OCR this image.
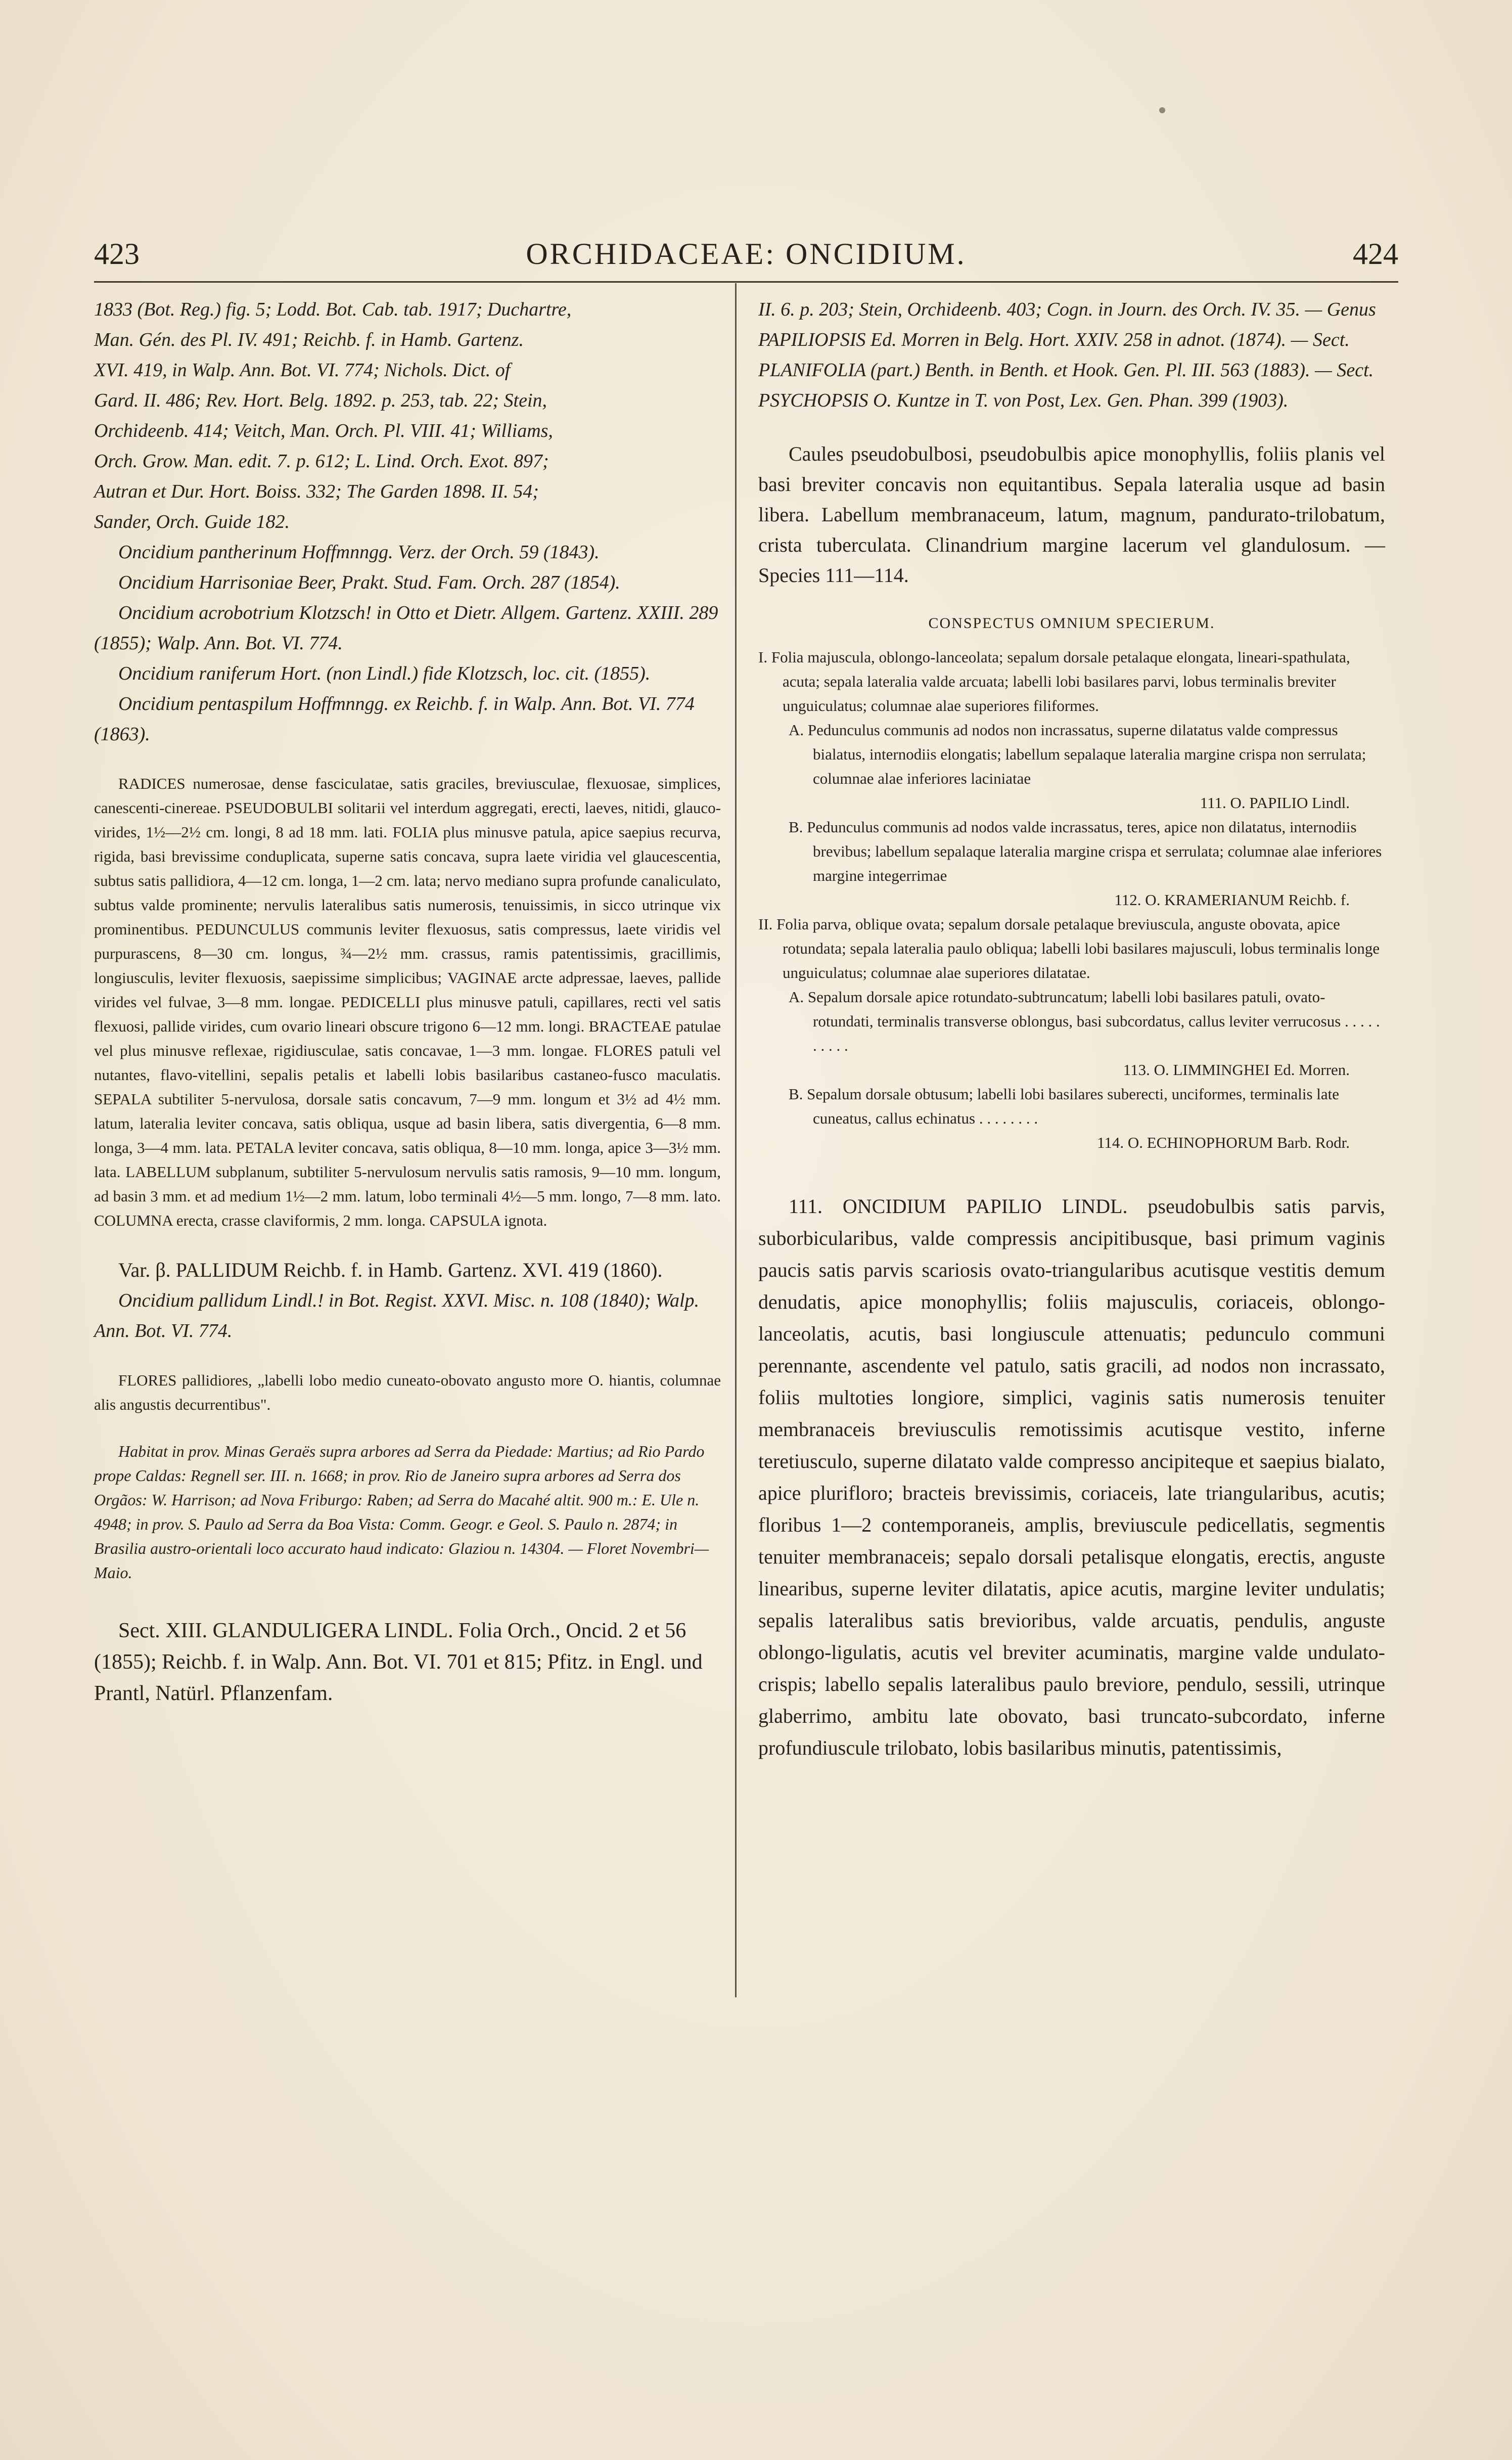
423	ORCHIDACEAE: ONCIDIUM.	424

1833 (Bot. Reg.) fig. 5; Lodd. Bot. Cab. tab. 1917; Duchartre,

Man. Gén. des Pl. IV. 491; Reichb. f. in Hamb. Gartenz.

XVI. 419, in Walp. Ann. Bot. VI. 774; Nichols. Dict. of

Gard. II. 486; Rev. Hort. Belg. 1892. p. 253, tab. 22; Stein,

Orchideenb. 414; Veitch, Man. Orch. Pl. VIII. 41; Williams,

Orch. Grow. Man. edit. 7. p. 612; L. Lind. Orch. Exot. 897;

Autran et Dur. Hort. Boiss. 332; The Garden 1898. II. 54;

Sander, Orch. Guide 182.

Oncidium pantherinum Hoffmnngg. Verz. der Orch. 59 (1843).

Oncidium Harrisoniae Beer, Prakt. Stud. Fam. Orch. 287 (1854).

Oncidium acrobotrium Klotzsch! in Otto et Dietr. Allgem. Gartenz. XXIII. 289 (1855); Walp. Ann. Bot. VI. 774.

Oncidium raniferum Hort. (non Lindl.) fide Klotzsch, loc. cit. (1855).

Oncidium pentaspilum Hoffmnngg. ex Reichb. f. in Walp. Ann. Bot. VI. 774 (1863).

RADICES numerosae, dense fasciculatae, satis graciles, breviusculae, flexuosae, simplices, canescenti-cinereae. PSEUDOBULBI solitarii vel interdum aggregati, erecti, laeves, nitidi, glauco-virides, 1½—2½ cm. longi, 8 ad 18 mm. lati. FOLIA plus minusve patula, apice saepius recurva, rigida, basi brevissime conduplicata, superne satis concava, supra laete viridia vel glaucescentia, subtus satis pallidiora, 4—12 cm. longa, 1—2 cm. lata; nervo mediano supra profunde canaliculato, subtus valde prominente; nervulis lateralibus satis numerosis, tenuissimis, in sicco utrinque vix prominentibus. PEDUNCULUS communis leviter flexuosus, satis compressus, laete viridis vel purpurascens, 8—30 cm. longus, ¾—2½ mm. crassus, ramis patentissimis, gracillimis, longiusculis, leviter flexuosis, saepissime simplicibus; VAGINAE arcte adpressae, laeves, pallide virides vel fulvae, 3—8 mm. longae. PEDICELLI plus minusve patuli, capillares, recti vel satis flexuosi, pallide virides, cum ovario lineari obscure trigono 6—12 mm. longi. BRACTEAE patulae vel plus minusve reflexae, rigidiusculae, satis concavae, 1—3 mm. longae. FLORES patuli vel nutantes, flavo-vitellini, sepalis petalis et labelli lobis basilaribus castaneo-fusco maculatis. SEPALA subtiliter 5-nervulosa, dorsale satis concavum, 7—9 mm. longum et 3½ ad 4½ mm. latum, lateralia leviter concava, satis obliqua, usque ad basin libera, satis divergentia, 6—8 mm. longa, 3—4 mm. lata. PETALA leviter concava, satis obliqua, 8—10 mm. longa, apice 3—3½ mm. lata. LABELLUM subplanum, subtiliter 5-nervulosum nervulis satis ramosis, 9—10 mm. longum, ad basin 3 mm. et ad medium 1½—2 mm. latum, lobo terminali 4½—5 mm. longo, 7—8 mm. lato. COLUMNA erecta, crasse claviformis, 2 mm. longa. CAPSULA ignota.

Var. β. PALLIDUM Reichb. f. in Hamb. Gartenz. XVI. 419 (1860).

Oncidium pallidum Lindl.! in Bot. Regist. XXVI. Misc. n. 108 (1840); Walp. Ann. Bot. VI. 774.

FLORES pallidiores, „labelli lobo medio cuneato-obovato angusto more O. hiantis, columnae alis angustis decurrentibus".

Habitat in prov. Minas Geraës supra arbores ad Serra da Piedade: Martius; ad Rio Pardo prope Caldas: Regnell ser. III. n. 1668; in prov. Rio de Janeiro supra arbores ad Serra dos Orgãos: W. Harrison; ad Nova Friburgo: Raben; ad Serra do Macahé altit. 900 m.: E. Ule n. 4948; in prov. S. Paulo ad Serra da Boa Vista: Comm. Geogr. e Geol. S. Paulo n. 2874; in Brasilia austro-orientali loco accurato haud indicato: Glaziou n. 14304. — Floret Novembri—Maio.

Sect. XIII. GLANDULIGERA LINDL. Folia Orch., Oncid. 2 et 56 (1855); Reichb. f. in Walp. Ann. Bot. VI. 701 et 815; Pfitz. in Engl. und Prantl, Natürl. Pflanzenfam.

II. 6. p. 203; Stein, Orchideenb. 403; Cogn. in Journ. des Orch. IV. 35. — Genus PAPILIOPSIS Ed. Morren in Belg. Hort. XXIV. 258 in adnot. (1874). — Sect. PLANIFOLIA (part.) Benth. in Benth. et Hook. Gen. Pl. III. 563 (1883). — Sect. PSYCHOPSIS O. Kuntze in T. von Post, Lex. Gen. Phan. 399 (1903).

Caules pseudobulbosi, pseudobulbis apice monophyllis, foliis planis vel basi breviter concavis non equitantibus. Sepala lateralia usque ad basin libera. Labellum membranaceum, latum, magnum, pandurato-trilobatum, crista tuberculata. Clinandrium margine lacerum vel glandulosum. — Species 111—114.

CONSPECTUS OMNIUM SPECIERUM.

I. Folia majuscula, oblongo-lanceolata; sepalum dorsale petalaque elongata, lineari-spathulata, acuta; sepala lateralia valde arcuata; labelli lobi basilares parvi, lobus terminalis breviter unguiculatus; columnae alae superiores filiformes.

A. Pedunculus communis ad nodos non incrassatus, superne dilatatus valde compressus bialatus, internodiis elongatis; labellum sepalaque lateralia margine crispa non serrulata; columnae alae inferiores laciniatae

111. O. PAPILIO Lindl.

B. Pedunculus communis ad nodos valde incrassatus, teres, apice non dilatatus, internodiis brevibus; labellum sepalaque lateralia margine crispa et serrulata; columnae alae inferiores margine integerrimae

112. O. KRAMERIANUM Reichb. f.

II. Folia parva, oblique ovata; sepalum dorsale petalaque breviuscula, anguste obovata, apice rotundata; sepala lateralia paulo obliqua; labelli lobi basilares majusculi, lobus terminalis longe unguiculatus; columnae alae superiores dilatatae.

A. Sepalum dorsale apice rotundato-subtruncatum; labelli lobi basilares patuli, ovato-rotundati, terminalis transverse oblongus, basi subcordatus, callus leviter verrucosus . . . . . . . . . .

113. O. LIMMINGHEI Ed. Morren.

B. Sepalum dorsale obtusum; labelli lobi basilares suberecti, unciformes, terminalis late cuneatus, callus echinatus . . . . . . . .

114. O. ECHINOPHORUM Barb. Rodr.

111. ONCIDIUM PAPILIO LINDL. pseudobulbis satis parvis, suborbicularibus, valde compressis ancipitibusque, basi primum vaginis paucis satis parvis scariosis ovato-triangularibus acutisque vestitis demum denudatis, apice monophyllis; foliis majusculis, coriaceis, oblongo-lanceolatis, acutis, basi longiuscule attenuatis; pedunculo communi perennante, ascendente vel patulo, satis gracili, ad nodos non incrassato, foliis multoties longiore, simplici, vaginis satis numerosis tenuiter membranaceis breviusculis remotissimis acutisque vestito, inferne teretiusculo, superne dilatato valde compresso ancipiteque et saepius bialato, apice plurifloro; bracteis brevissimis, coriaceis, late triangularibus, acutis; floribus 1—2 contemporaneis, amplis, breviuscule pedicellatis, segmentis tenuiter membranaceis; sepalo dorsali petalisque elongatis, erectis, anguste linearibus, superne leviter dilatatis, apice acutis, margine leviter undulatis; sepalis lateralibus satis brevioribus, valde arcuatis, pendulis, anguste oblongo-ligulatis, acutis vel breviter acuminatis, margine valde undulato-crispis; labello sepalis lateralibus paulo breviore, pendulo, sessili, utrinque glaberrimo, ambitu late obovato, basi truncato-subcordato, inferne profundiuscule trilobato, lobis basilaribus minutis, patentissimis,
